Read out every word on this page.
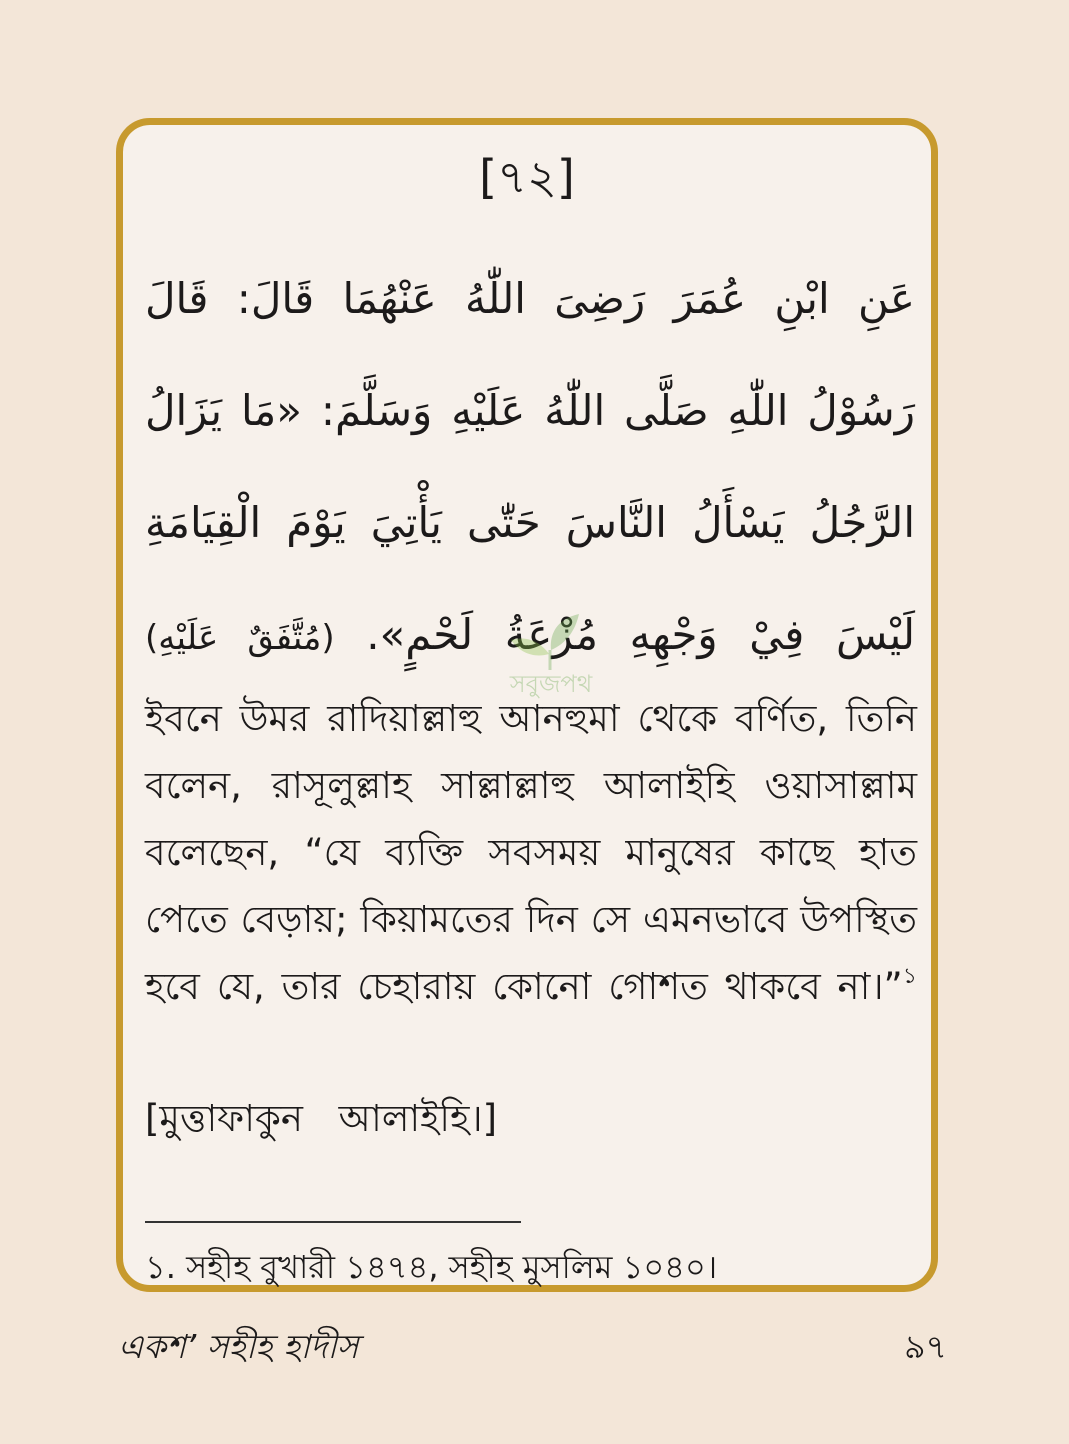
[৭২]
عَنِ ابْنِ عُمَرَ رَضِىَ اللّٰهُ عَنْهُمَا قَالَ: قَالَ رَسُوْلُ اللّٰهِ صَلَّى اللّٰهُ عَلَيْهِ وَسَلَّمَ: «مَا يَزَالُ الرَّجُلُ يَسْأَلُ النَّاسَ حَتّٰى يَأْتِيَ يَوْمَ الْقِيَامَةِ لَيْسَ فِيْ وَجْهِهِ مُزْعَةُ لَحْمٍ». (مُتَّفَقٌ عَلَيْهِ)
সবুজপথ
ইবনে উমর রাদিয়াল্লাহু আনহুমা থেকে বর্ণিত, তিনি বলেন, রাসূলুল্লাহ সাল্লাল্লাহু আলাইহি ওয়াসাল্লাম বলেছেন, “যে ব্যক্তি সবসময় মানুষের কাছে হাত পেতে বেড়ায়; কিয়ামতের দিন সে এমনভাবে উপস্থিত হবে যে, তার চেহারায় কোনো গোশত থাকবে না।”$^১$
[মুত্তাফাকুন আলাইহি।]
১. সহীহ বুখারী ১৪৭৪, সহীহ মুসলিম ১০৪০।
একশ’ সহীহ হাদীস	৯৭
